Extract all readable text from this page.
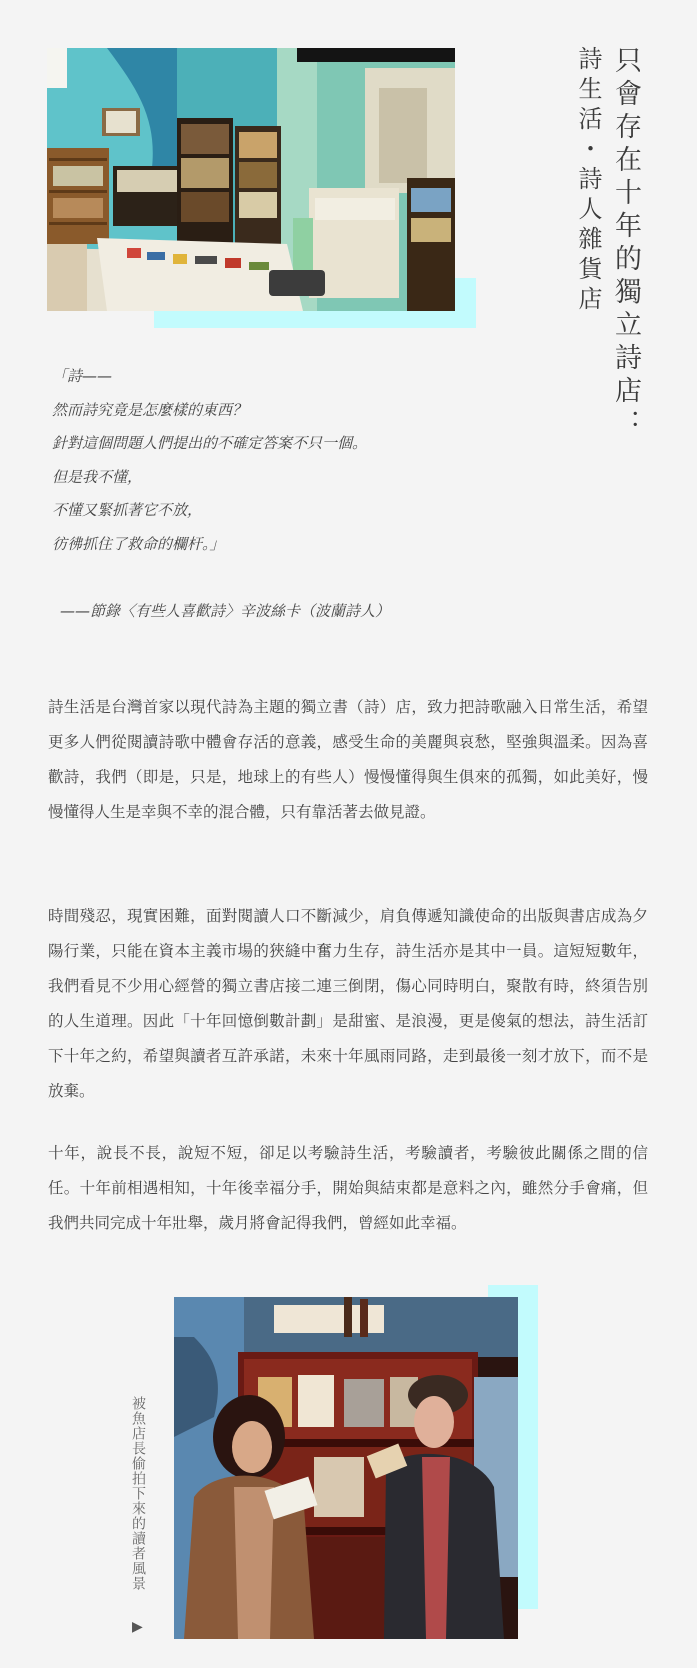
只會存在十年的獨立詩店：
詩生活・詩人雜貨店
「詩——
然而詩究竟是怎麼樣的東西？
針對這個問題人們提出的不確定答案不只一個。
但是我不懂，
不懂又緊抓著它不放，
彷彿抓住了救命的欄杆。」
——節錄〈有些人喜歡詩〉辛波絲卡（波蘭詩人）
詩生活是台灣首家以現代詩為主題的獨立書（詩）店，致力把詩歌融入日常生活，希望更多人們從閱讀詩歌中體會存活的意義，感受生命的美麗與哀愁，堅強與溫柔。因為喜歡詩，我們（即是，只是，地球上的有些人）慢慢懂得與生俱來的孤獨，如此美好，慢慢懂得人生是幸與不幸的混合體，只有靠活著去做見證。
時間殘忍，現實困難，面對閱讀人口不斷減少，肩負傳遞知識使命的出版與書店成為夕陽行業，只能在資本主義市場的狹縫中奮力生存，詩生活亦是其中一員。這短短數年，我們看見不少用心經營的獨立書店接二連三倒閉，傷心同時明白，聚散有時，終須告別的人生道理。因此「十年回憶倒數計劃」是甜蜜、是浪漫，更是傻氣的想法，詩生活訂下十年之約，希望與讀者互許承諾，未來十年風雨同路，走到最後一刻才放下，而不是放棄。
十年，說長不長，說短不短，卻足以考驗詩生活，考驗讀者，考驗彼此關係之間的信任。十年前相遇相知，十年後幸福分手，開始與結束都是意料之內，雖然分手會痛，但我們共同完成十年壯舉，歲月將會記得我們，曾經如此幸福。
被魚店長偷拍下來的讀者風景
▶
